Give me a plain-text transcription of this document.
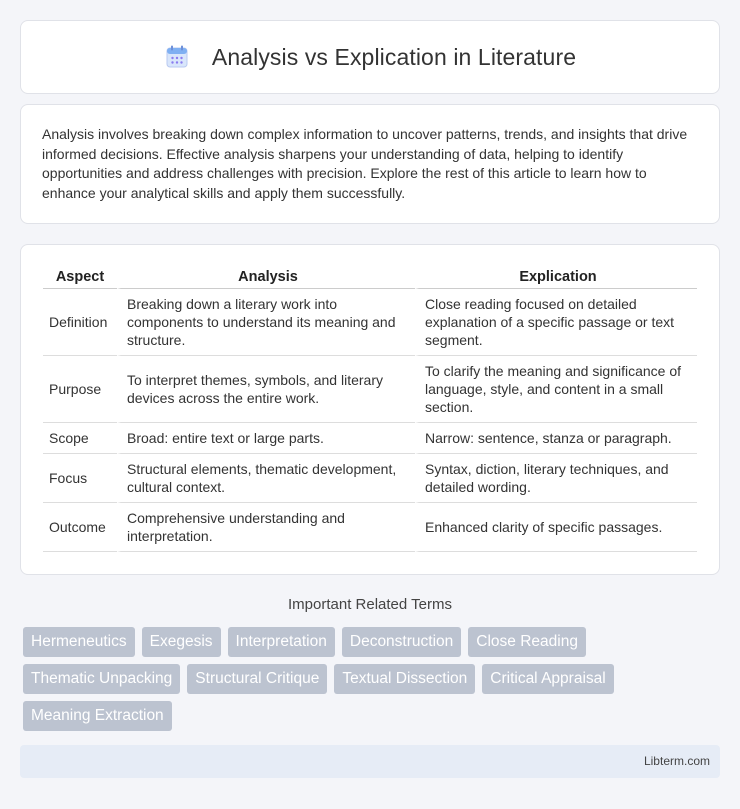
Analysis vs Explication in Literature

Analysis involves breaking down complex information to uncover patterns, trends, and insights that drive informed decisions. Effective analysis sharpens your understanding of data, helping to identify opportunities and address challenges with precision. Explore the rest of this article to learn how to enhance your analytical skills and apply them successfully.

Aspect	Analysis	Explication
Definition	Breaking down a literary work into components to understand its meaning and structure.	Close reading focused on detailed explanation of a specific passage or text segment.
Purpose	To interpret themes, symbols, and literary devices across the entire work.	To clarify the meaning and significance of language, style, and content in a small section.
Scope	Broad: entire text or large parts.	Narrow: sentence, stanza or paragraph.
Focus	Structural elements, thematic development, cultural context.	Syntax, diction, literary techniques, and detailed wording.
Outcome	Comprehensive understanding and interpretation.	Enhanced clarity of specific passages.
Important Related Terms
Hermeneutics	Exegesis	Interpretation	Deconstruction	Close Reading
Thematic Unpacking	Structural Critique	Textual Dissection	Critical Appraisal
Meaning Extraction
Libterm.com
